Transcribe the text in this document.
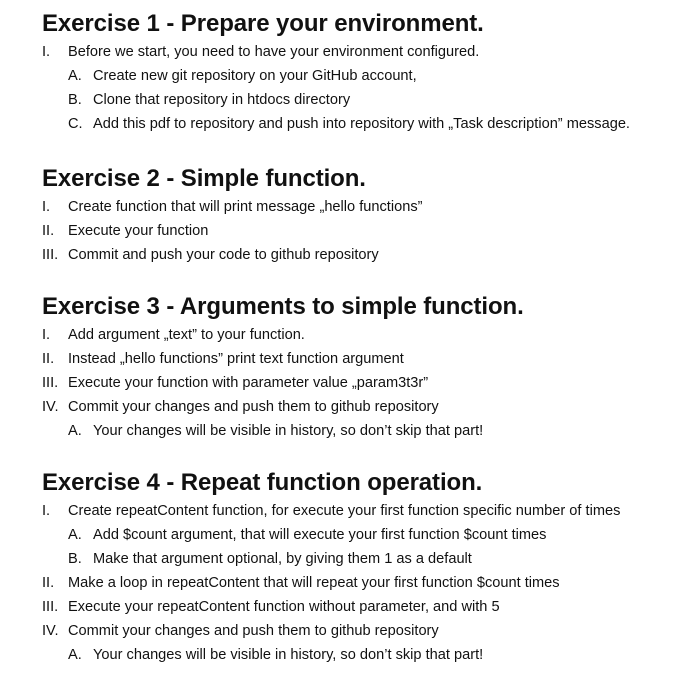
Exercise 1 - Prepare your environment.
I. Before we start, you need to have your environment configured.
A. Create new git repository on your GitHub account,
B. Clone that repository in htdocs directory
C. Add this pdf to repository and push into repository with „Task description” message.
Exercise 2 - Simple function.
I. Create function that will print message „hello functions”
II. Execute your function
III. Commit and push your code to github repository
Exercise 3 - Arguments to simple function.
I. Add argument „text” to your function.
II. Instead „hello functions” print text function argument
III. Execute your function with parameter value „param3t3r”
IV. Commit your changes and push them to github repository
A. Your changes will be visible in history, so don’t skip that part!
Exercise 4 - Repeat function operation.
I. Create repeatContent function, for execute your first function specific number of times
A. Add $count argument, that will execute your first function $count times
B. Make that argument optional, by giving them 1 as a default
II. Make a loop in repeatContent that will repeat your first function $count times
III. Execute your repeatContent function without parameter, and with 5
IV. Commit your changes and push them to github repository
A. Your changes will be visible in history, so don’t skip that part!
